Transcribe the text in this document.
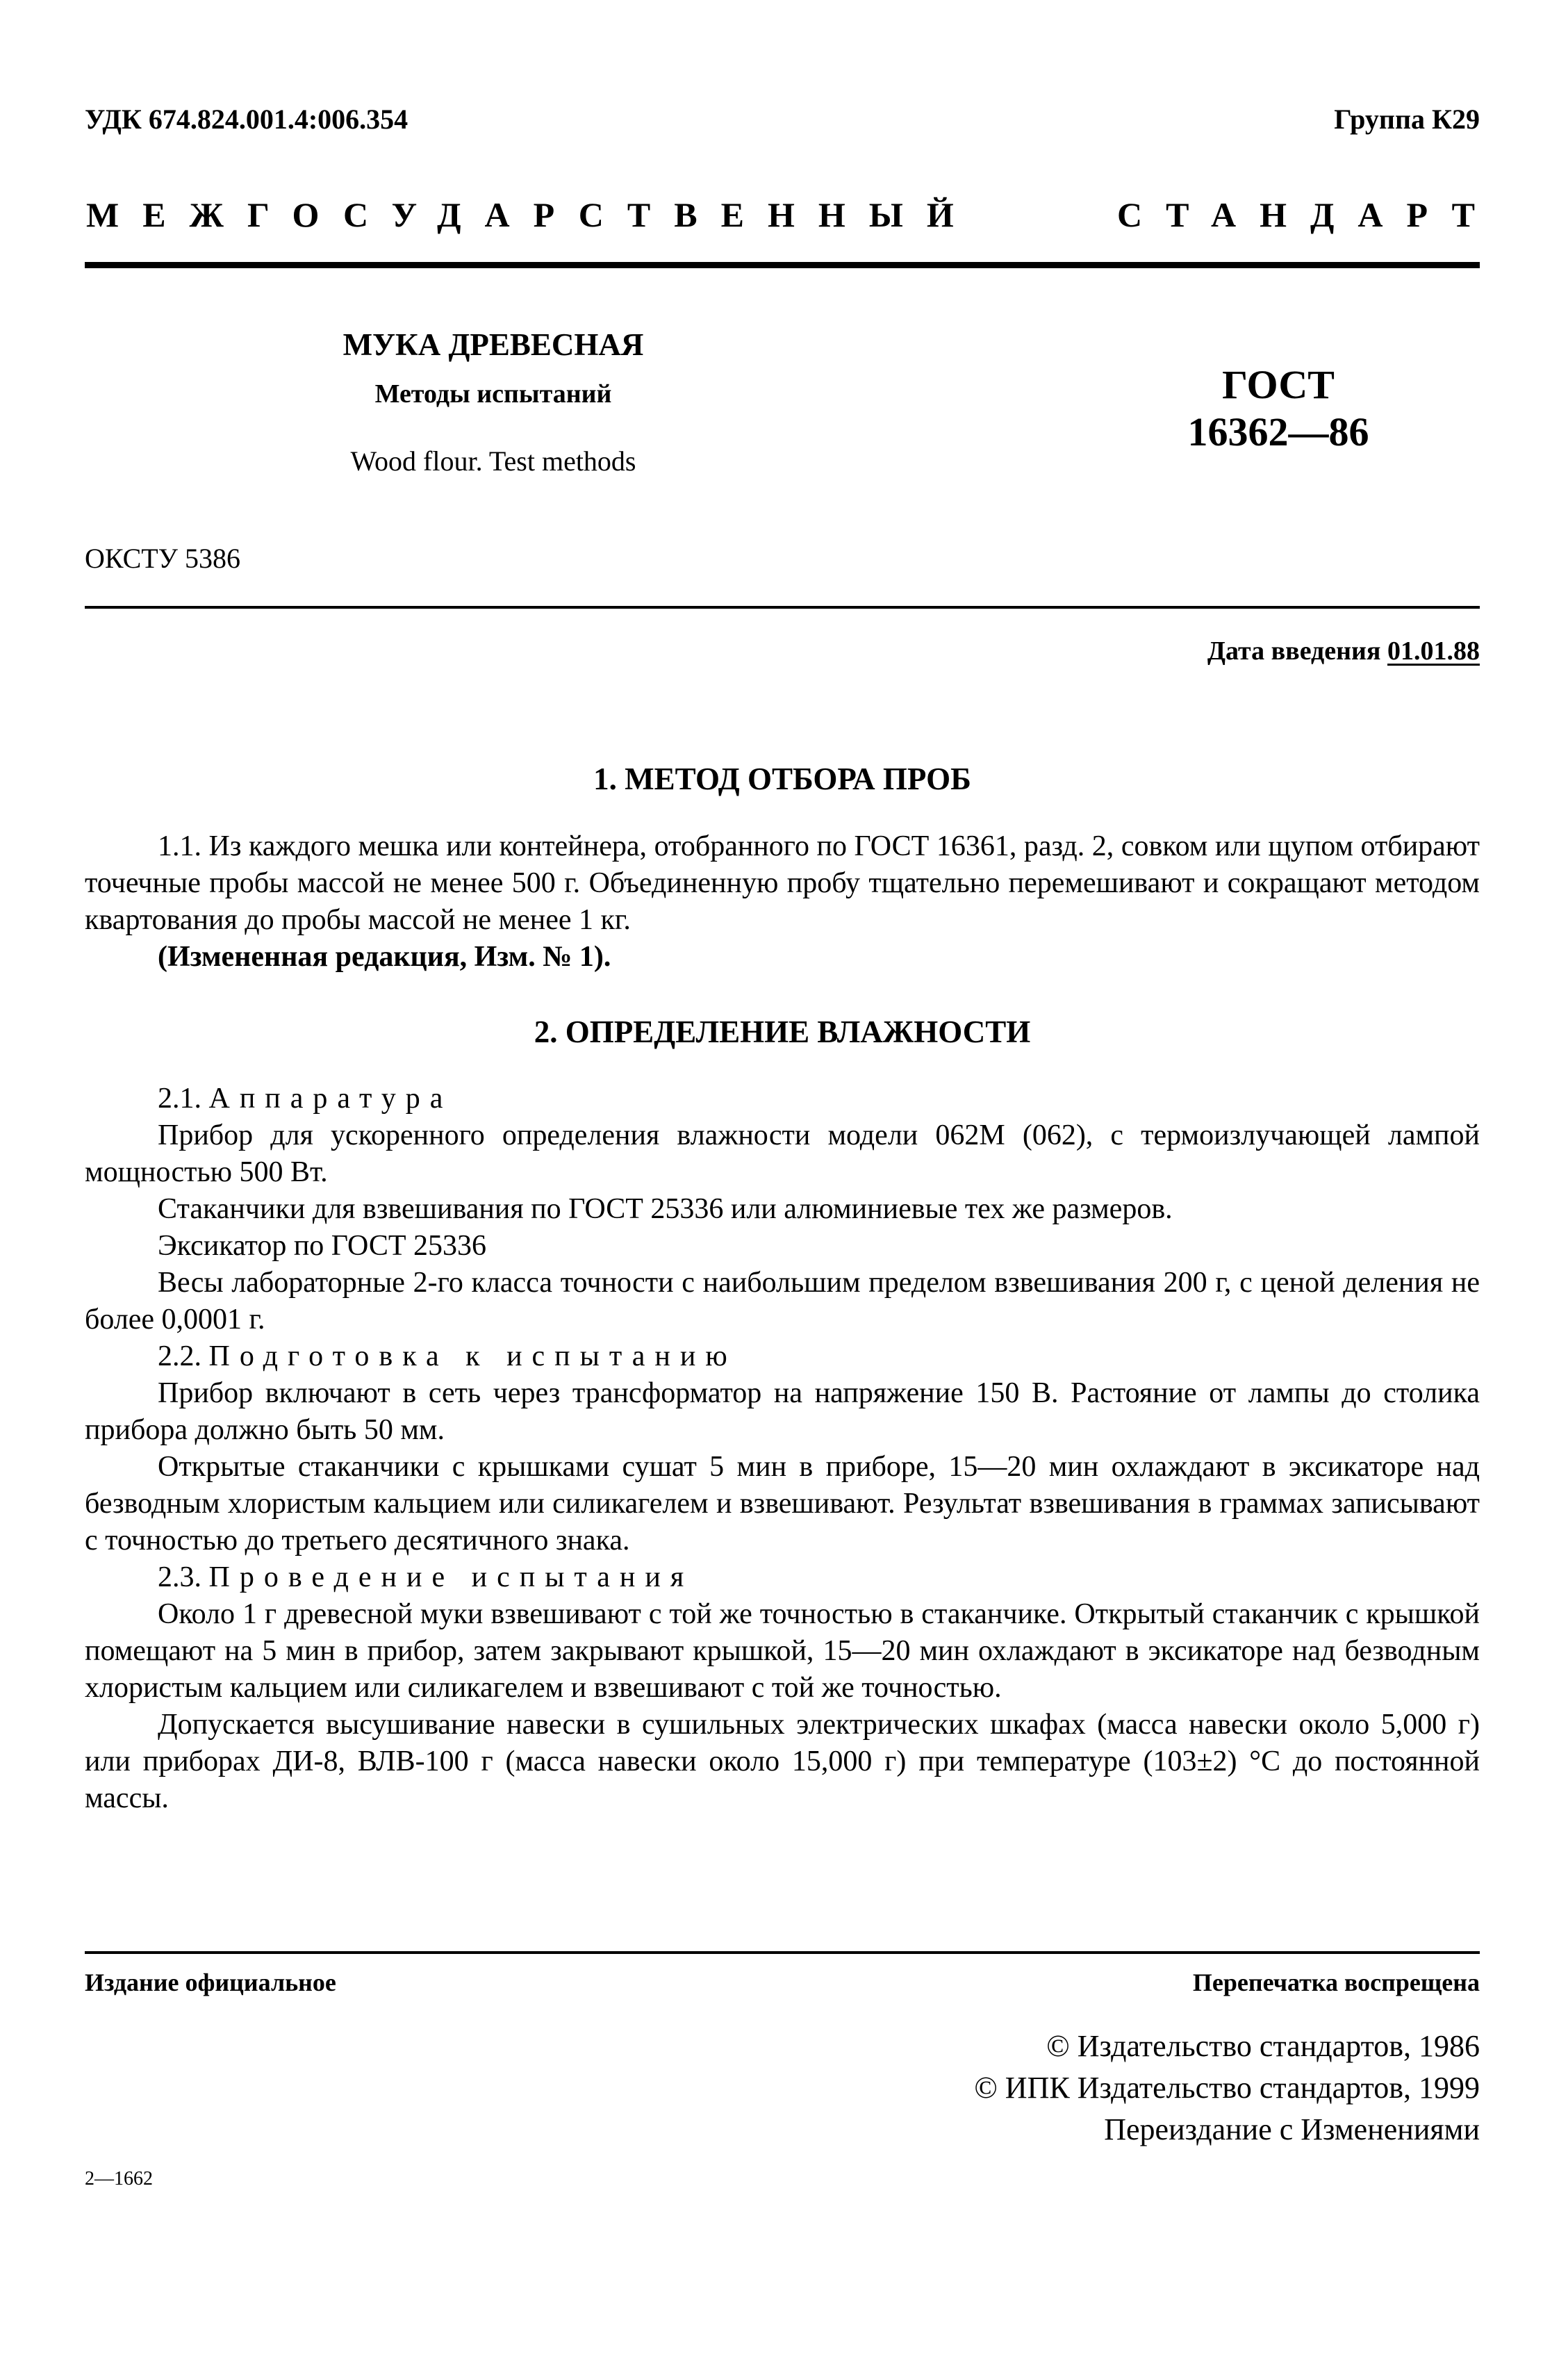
УДК 674.824.001.4:006.354	Группа К29
МЕЖГОСУДАРСТВЕННЫЙ	СТАНДАРТ
МУКА ДРЕВЕСНАЯ
Методы испытаний
Wood flour. Test methods
ГОСТ
16362—86
ОКСТУ 5386
Дата введения 01.01.88
1. МЕТОД ОТБОРА ПРОБ
1.1. Из каждого мешка или контейнера, отобранного по ГОСТ 16361, разд. 2, совком или щупом отбирают точечные пробы массой не менее 500 г. Объединенную пробу тщательно перемешивают и сокращают методом квартования до пробы массой не менее 1 кг.
(Измененная редакция, Изм. № 1).
2. ОПРЕДЕЛЕНИЕ ВЛАЖНОСТИ
2.1. Аппаратура
Прибор для ускоренного определения влажности модели 062М (062), с термоизлучающей лампой мощностью 500 Вт.
Стаканчики для взвешивания по ГОСТ 25336 или алюминиевые тех же размеров.
Эксикатор по ГОСТ 25336
Весы лабораторные 2-го класса точности с наибольшим пределом взвешивания 200 г, с ценой деления не более 0,0001 г.
2.2. Подготовка к испытанию
Прибор включают в сеть через трансформатор на напряжение 150 В. Растояние от лампы до столика прибора должно быть 50 мм.
Открытые стаканчики с крышками сушат 5 мин в приборе, 15—20 мин охлаждают в эксикаторе над безводным хлористым кальцием или силикагелем и взвешивают. Результат взвешивания в граммах записывают с точностью до третьего десятичного знака.
2.3. Проведение испытания
Около 1 г древесной муки взвешивают с той же точностью в стаканчике. Открытый стаканчик с крышкой помещают на 5 мин в прибор, затем закрывают крышкой, 15—20 мин охлаждают в эксикаторе над безводным хлористым кальцием или силикагелем и взвешивают с той же точностью.
Допускается высушивание навески в сушильных электрических шкафах (масса навески около 5,000 г) или приборах ДИ-8, ВЛВ-100 г (масса навески около 15,000 г) при температуре (103±2) °С до постоянной массы.
Издание официальное	Перепечатка воспрещена
© Издательство стандартов, 1986
© ИПК Издательство стандартов, 1999
Переиздание с Изменениями
2—1662
